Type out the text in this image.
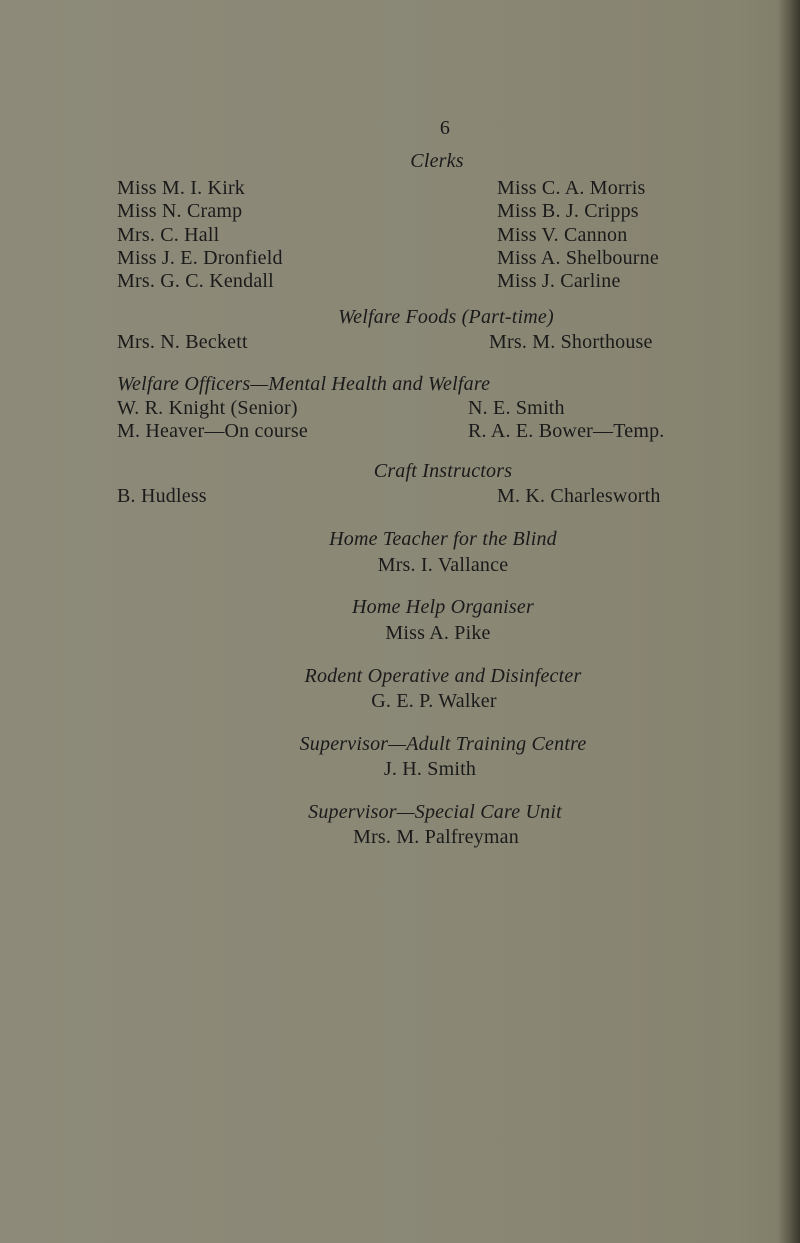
6
Clerks
Miss M. I. Kirk
Miss N. Cramp
Mrs. C. Hall
Miss J. E. Dronfield
Mrs. G. C. Kendall
Miss C. A. Morris
Miss B. J. Cripps
Miss V. Cannon
Miss A. Shelbourne
Miss J. Carline
Welfare Foods (Part-time)
Mrs. N. Beckett	Mrs. M. Shorthouse
Welfare Officers—Mental Health and Welfare
W. R. Knight (Senior)
M. Heaver—On course
N. E. Smith
R. A. E. Bower—Temp.
Craft Instructors
B. Hudless	M. K. Charlesworth
Home Teacher for the Blind
Mrs. I. Vallance
Home Help Organiser
Miss A. Pike
Rodent Operative and Disinfecter
G. E. P. Walker
Supervisor—Adult Training Centre
J. H. Smith
Supervisor—Special Care Unit
Mrs. M. Palfreyman
